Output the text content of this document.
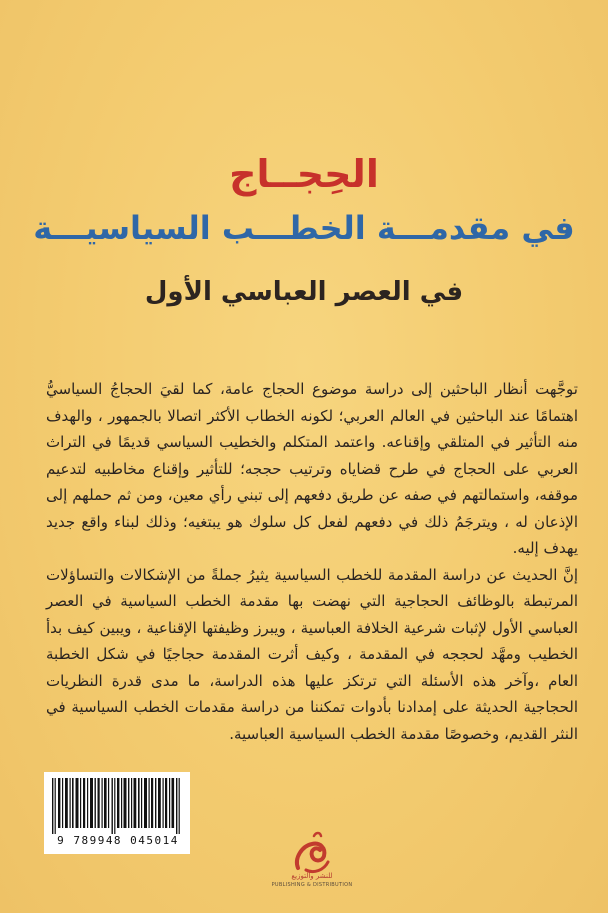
الحِجــاج
في مقدمـــة الخطـــب السياسيـــة
في العصر العباسي الأول

توجَّهت أنظار الباحثين إلى دراسة موضوع الحجاج عامة، كما لقيَ الحجاجُ السياسيُّ اهتمامًا عند الباحثين في العالم العربي؛ لكونه الخطاب الأكثر اتصالا بالجمهور ، والهدف منه التأثير في المتلقي وإقناعه. واعتمد المتكلم والخطيب السياسي قديمًا في التراث العربي على الحجاج في طرح قضاياه وترتيب حججه؛ للتأثير وإقناع مخاطبيه لتدعيم موقفه، واستمالتهم في صفه عن طريق دفعهم إلى تبني رأي معين، ومن ثم حملهم إلى الإذعان له ، ويترجَمُ ذلك في دفعهم لفعل كل سلوك هو يبتغيه؛ وذلك لبناء واقع جديد يهدف إليه.

إنَّ الحديث عن دراسة المقدمة للخطب السياسية يثيرُ جملةً من الإشكالات والتساؤلات المرتبطة بالوظائف الحجاجية التي نهضت بها مقدمة الخطب السياسية في العصر العباسي الأول لإثبات شرعية الخلافة العباسية ، ويبرز وظيفتها الإقناعية ، ويبين كيف بدأ الخطيب ومهَّد لحججه في المقدمة ، وكيف أثرت المقدمة حجاجيًا في شكل الخطبة العام ،وآخر هذه الأسئلة التي ترتكز عليها هذه الدراسة، ما مدى قدرة النظريات الحجاجية الحديثة على إمدادنا بأدوات تمكننا من دراسة مقدمات الخطب السياسية في النثر القديم، وخصوصًا مقدمة الخطب السياسية العباسية.

9 789948 045014
للنشر والتوزيع
PUBLISHING & DISTRIBUTION
